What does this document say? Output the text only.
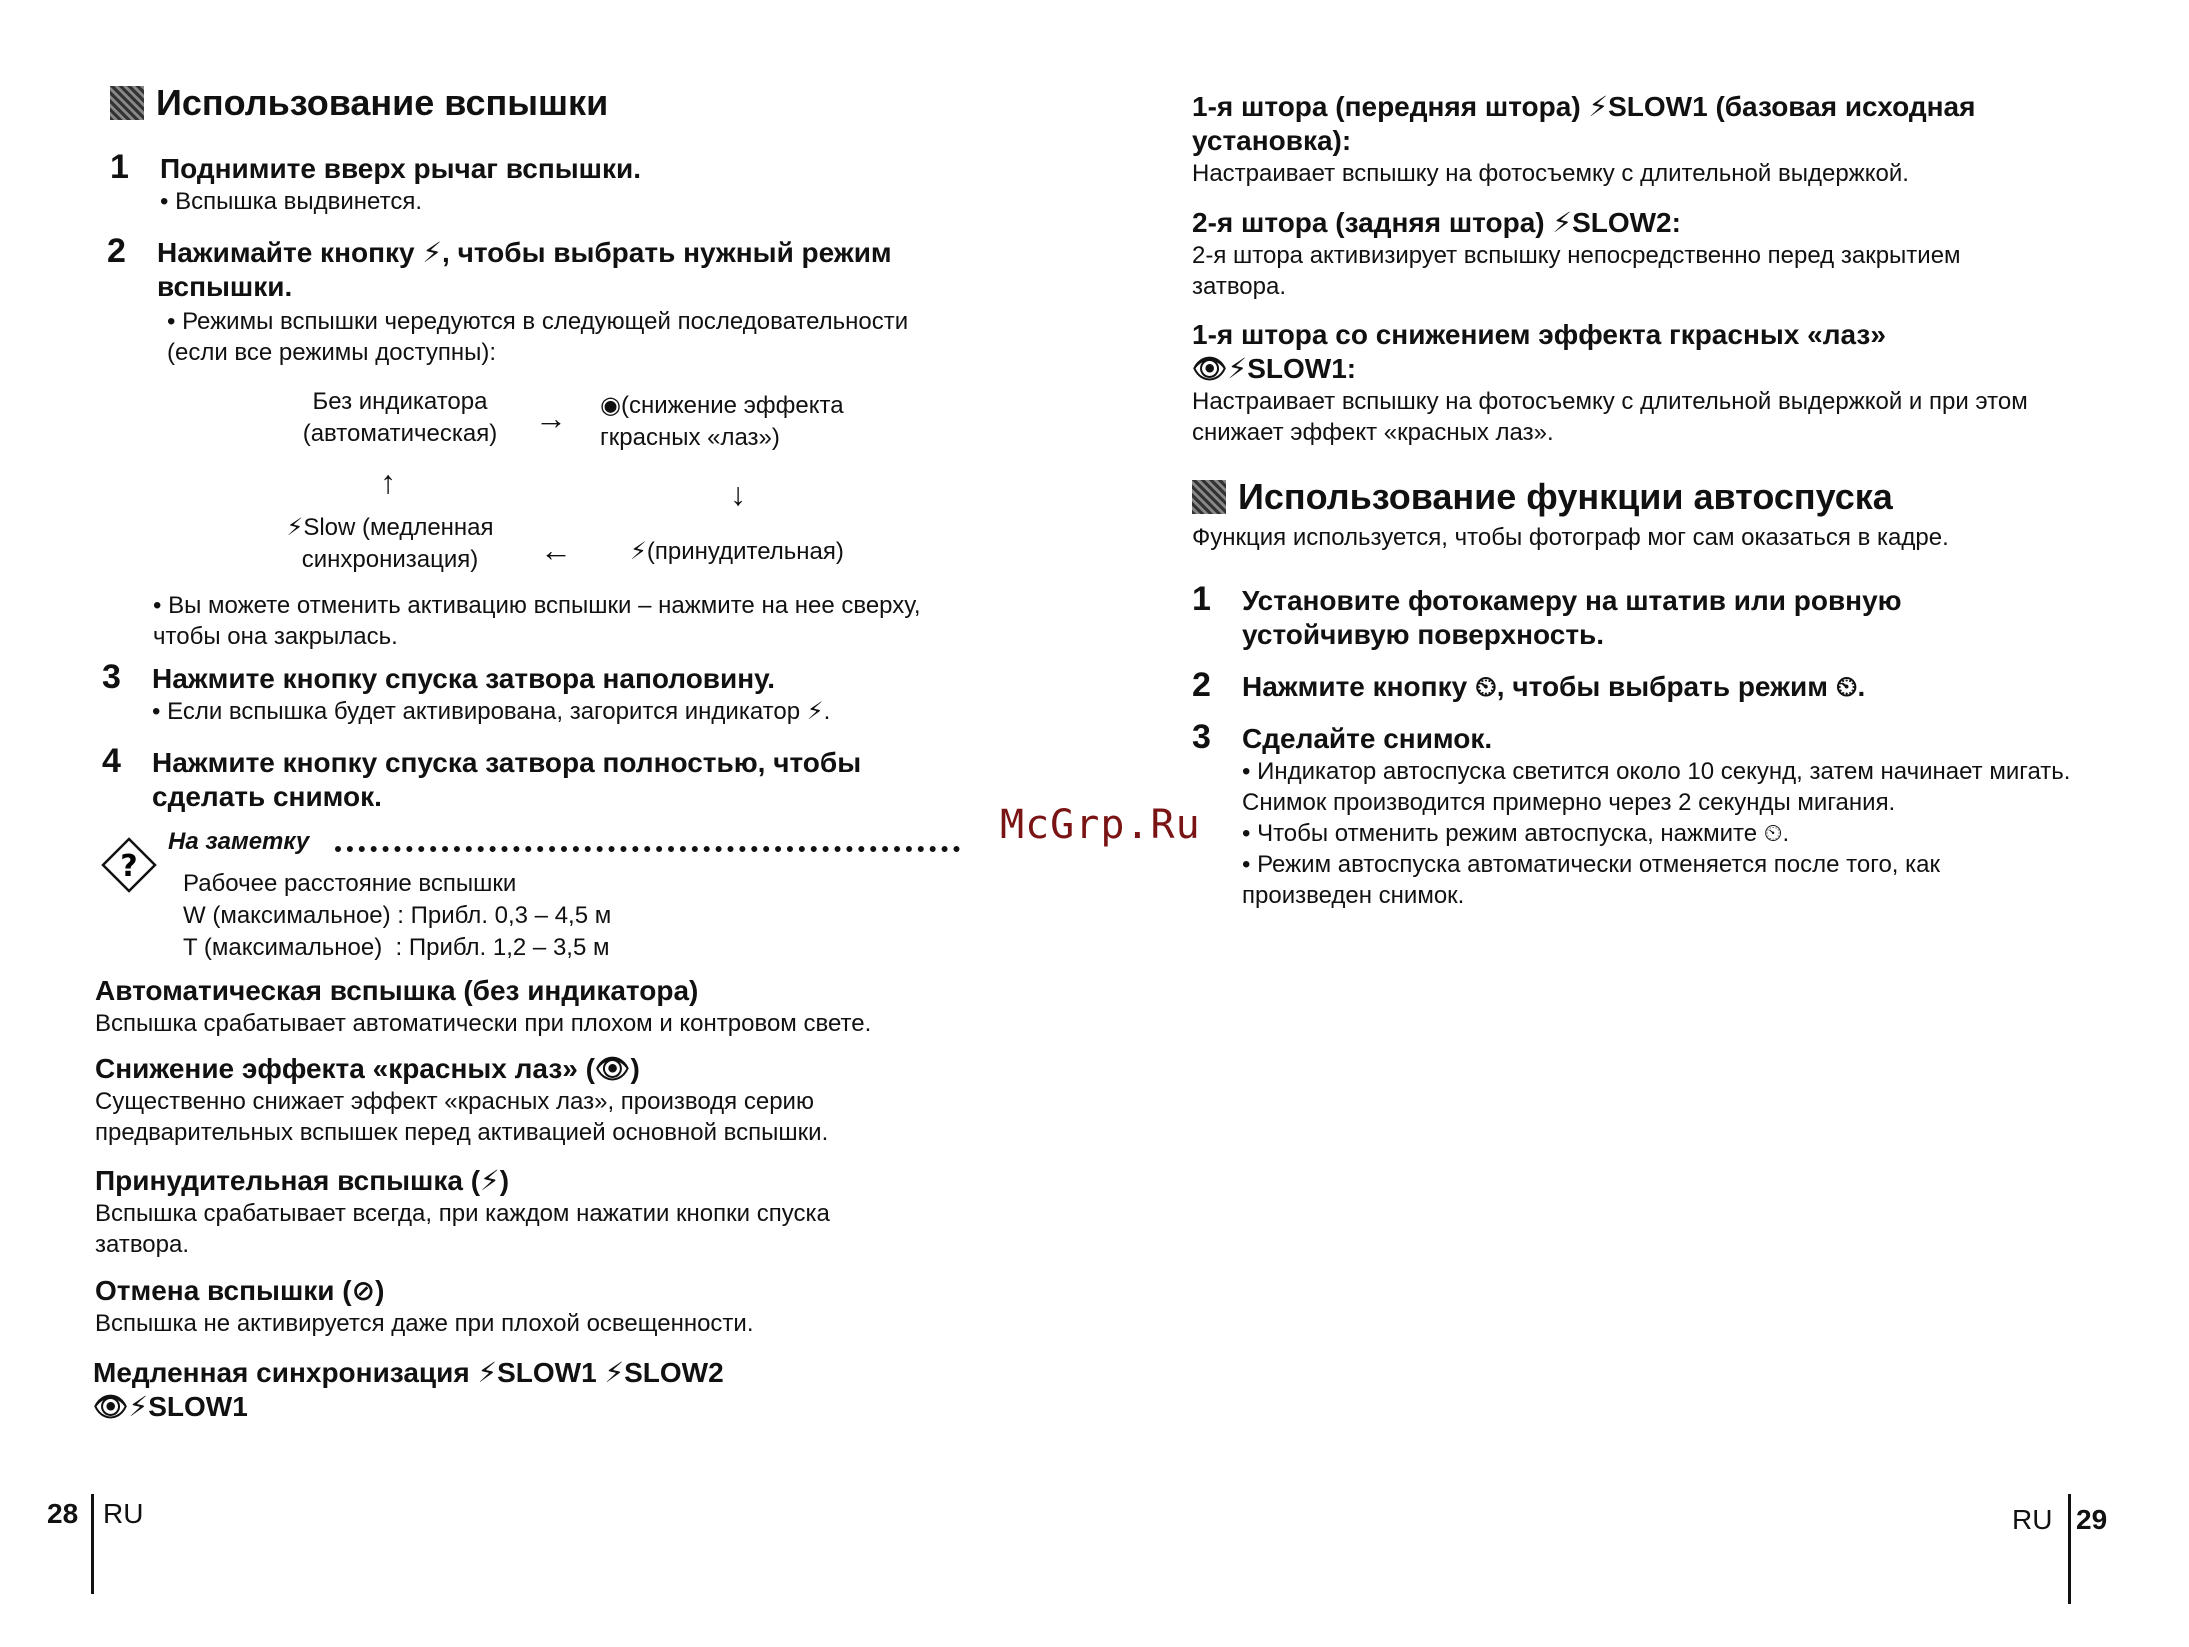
Использование вспышки
1 Поднимите вверх рычаг вспышки.
• Вспышка выдвинется.
2 Нажимайте кнопку ⚡, чтобы выбрать нужный режим вспышки.
• Режимы вспышки чередуются в следующей последовательности (если все режимы доступны):
Без индикатора (автоматическая)	→ ◉(снижение эффекта гкрасных «лаз»)
↑	↓
⚡Slow (медленная синхронизация)	← ⚡(принудительная)
• Вы можете отменить активацию вспышки – нажмите на нее сверху, чтобы она закрылась.
3 Нажмите кнопку спуска затвора наполовину.
• Если вспышка будет активирована, загорится индикатор ⚡.
4 Нажмите кнопку спуска затвора полностью, чтобы сделать снимок.
?
На заметку
Рабочее расстояние вспышки
W (максимальное) : Прибл. 0,3 – 4,5 м
T (максимальное)  : Прибл. 1,2 – 3,5 м
Автоматическая вспышка (без индикатора)
Вспышка срабатывает автоматически при плохом и контровом свете.
Снижение эффекта «красных лаз» (👁)
Существенно снижает эффект «красных лаз», производя серию предварительных вспышек перед активацией основной вспышки.
Принудительная вспышка (⚡)
Вспышка срабатывает всегда, при каждом нажатии кнопки спуска затвора.
Отмена вспышки (⊘)
Вспышка не активируется даже при плохой освещенности.
Медленная синхронизация ⚡SLOW1 ⚡SLOW2
👁⚡SLOW1
28 RU
McGrp.Ru
1-я штора (передняя штора) ⚡SLOW1 (базовая исходная
установка):
Настраивает вспышку на фотосъемку с длительной выдержкой.
2-я штора (задняя штора) ⚡SLOW2:
2-я штора активизирует вспышку непосредственно перед закрытием затвора.
1-я штора со снижением эффекта гкрасных «лаз»
👁⚡SLOW1:
Настраивает вспышку на фотосъемку с длительной выдержкой и при этом снижает эффект «красных лаз».
Использование функции автоспуска
Функция используется, чтобы фотограф мог сам оказаться в кадре.
1 Установите фотокамеру на штатив или ровную устойчивую поверхность.
2 Нажмите кнопку ⏲, чтобы выбрать режим ⏲.
3 Сделайте снимок.
• Индикатор автоспуска светится около 10 секунд, затем начинает мигать. Снимок производится примерно через 2 секунды мигания.
• Чтобы отменить режим автоспуска, нажмите ⏲.
• Режим автоспуска автоматически отменяется после того, как произведен снимок.
RU 29
